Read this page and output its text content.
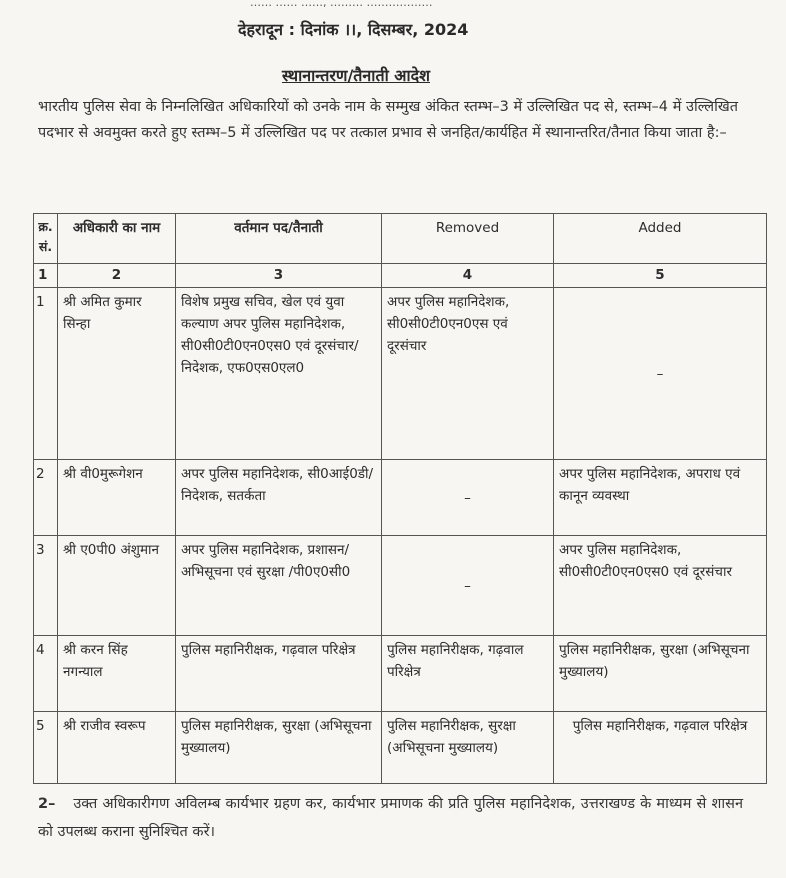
…… …… ……, ……… ………………
देहरादून : दिनांक ।।, दिसम्बर, 2024
स्थानान्तरण/तैनाती आदेश
भारतीय पुलिस सेवा के निम्नलिखित अधिकारियों को उनके नाम के सम्मुख अंकित स्तम्भ–3 में उल्लिखित पद से, स्तम्भ–4 में उल्लिखित पदभार से अवमुक्त करते हुए स्तम्भ–5 में उल्लिखित पद पर तत्काल प्रभाव से जनहित/कार्यहित में स्थानान्तरित/तैनात किया जाता है:–
क्र. सं.	अधिकारी का नाम	वर्तमान पद/तैनाती	Removed	Added
1	2	3	4	5
1	श्री अमित कुमार सिन्हा	विशेष प्रमुख सचिव, खेल एवं युवा कल्याण अपर पुलिस महानिदेशक, सी0सी0टी0एन0एस0 एवं दूरसंचार/ निदेशक, एफ0एस0एल0	अपर पुलिस महानिदेशक, सी0सी0टी0एन0एस एवं दूरसंचार	–
2	श्री वी0मुरूगेशन	अपर पुलिस महानिदेशक, सी0आई0डी/निदेशक, सतर्कता	–	अपर पुलिस महानिदेशक, अपराध एवं कानून व्यवस्था
3	श्री ए0पी0 अंशुमान	अपर पुलिस महानिदेशक, प्रशासन/अभिसूचना एवं सुरक्षा /पी0ए0सी0	–	अपर पुलिस महानिदेशक, सी0सी0टी0एन0एस0 एवं दूरसंचार
4	श्री करन सिंह नगन्याल	पुलिस महानिरीक्षक, गढ़वाल परिक्षेत्र	पुलिस महानिरीक्षक, गढ़वाल परिक्षेत्र	पुलिस महानिरीक्षक, सुरक्षा (अभिसूचना मुख्यालय)
5	श्री राजीव स्वरूप	पुलिस महानिरीक्षक, सुरक्षा (अभिसूचना मुख्यालय)	पुलिस महानिरीक्षक, सुरक्षा (अभिसूचना मुख्यालय)	पुलिस महानिरीक्षक, गढ़वाल परिक्षेत्र
2– उक्त अधिकारीगण अविलम्ब कार्यभार ग्रहण कर, कार्यभार प्रमाणक की प्रति पुलिस महानिदेशक, उत्तराखण्ड के माध्यम से शासन को उपलब्ध कराना सुनिश्चित करें।
